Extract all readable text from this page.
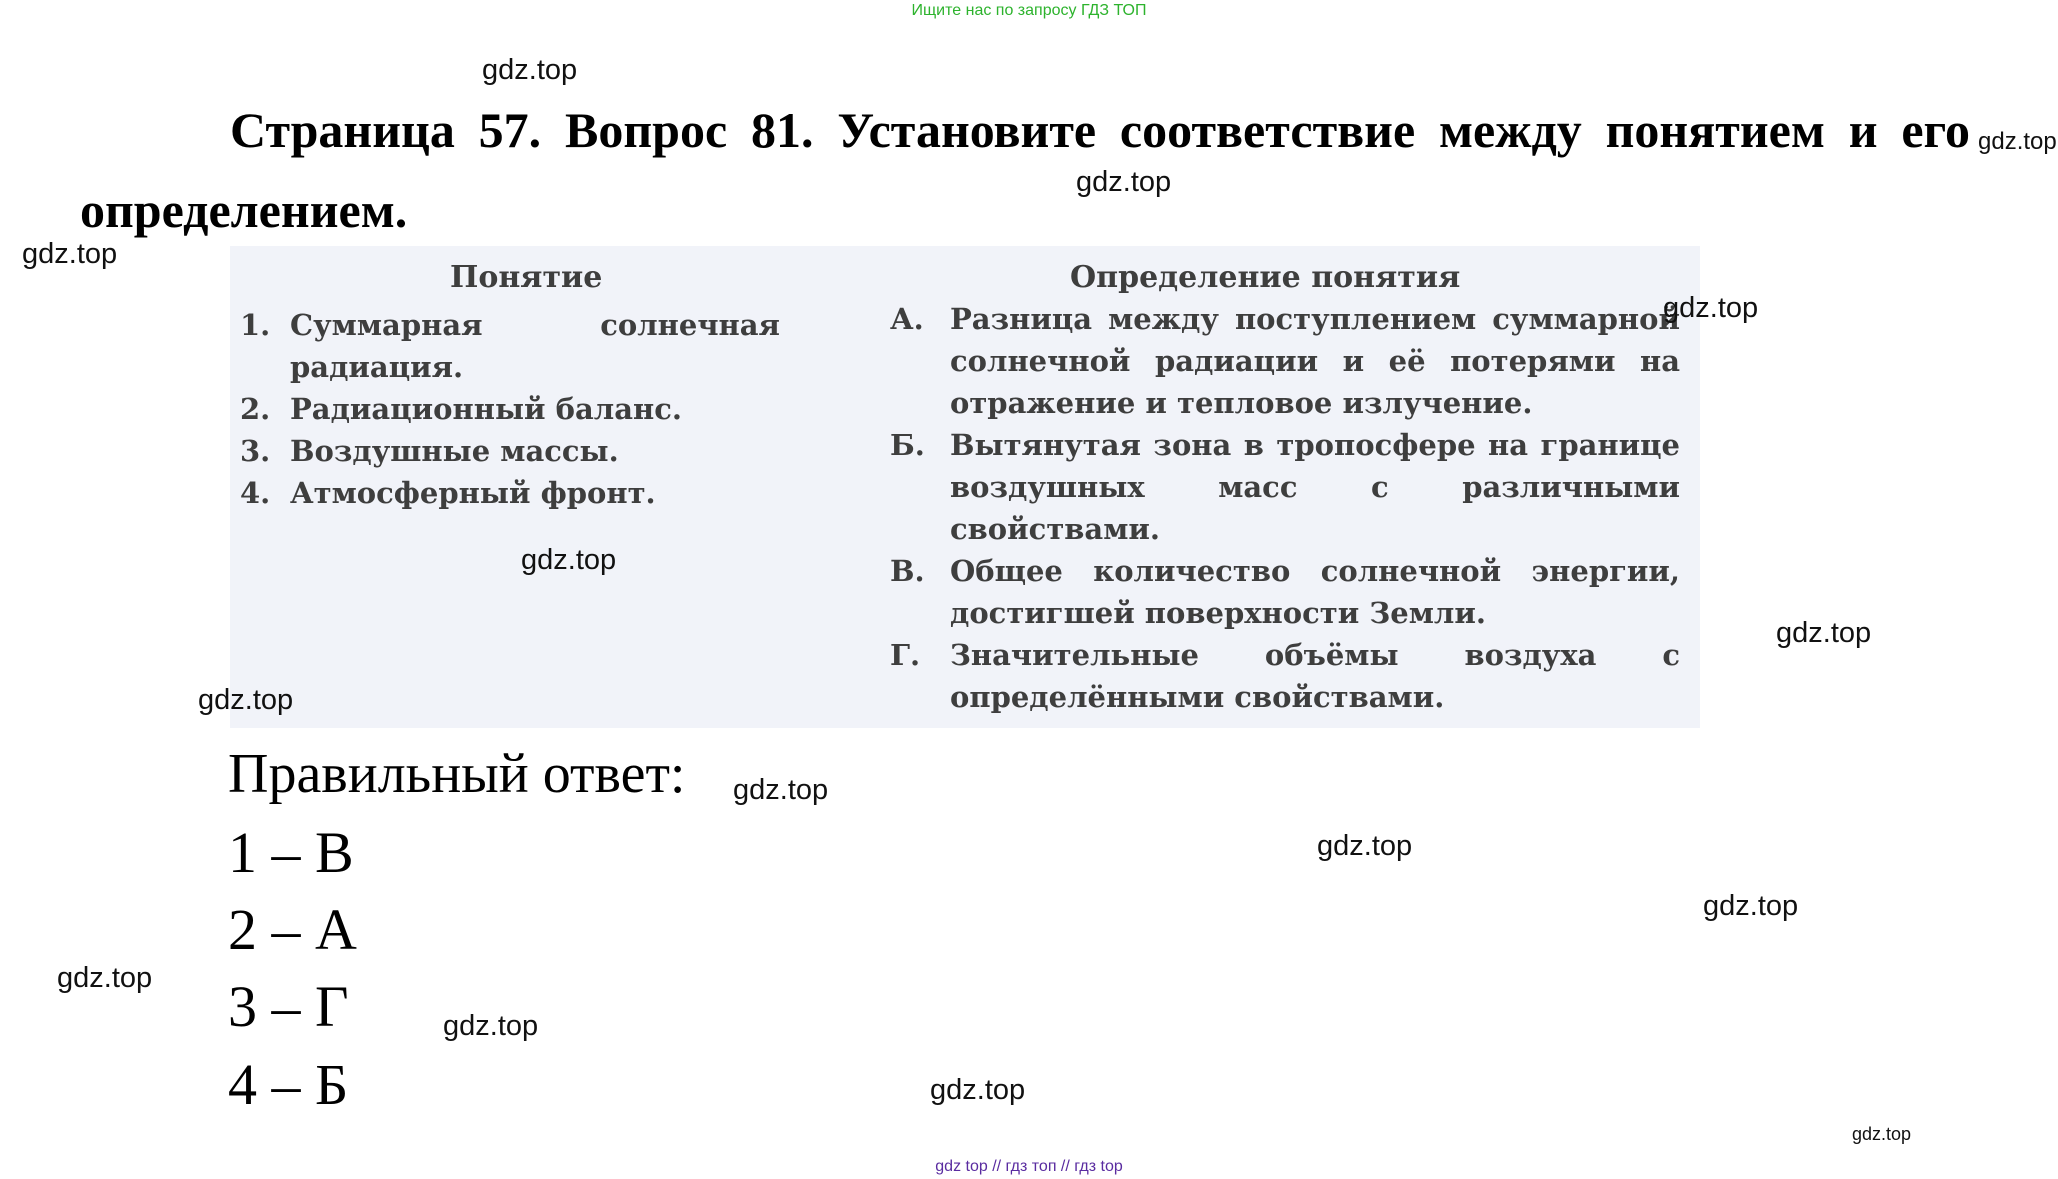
Ищите нас по запросу ГДЗ ТОП
Страница 57. Вопрос 81. Установите соответствие между понятием и его определением.
Понятие	Определение понятия
1. Суммарная солнечная радиация.
2. Радиационный баланс.
3. Воздушные массы.
4. Атмосферный фронт.
А. Разница между поступлением суммарной солнечной радиации и её потерями на отражение и тепловое излучение.
Б. Вытянутая зона в тропосфере на границе воздушных масс с различными свойствами.
В. Общее количество солнечной энергии, достигшей поверхности Земли.
Г.	Значительные объёмы воздуха с определёнными свойствами.
Правильный ответ:
1 – В
2 – А
3 – Г
4 – Б
gdz.top
gdz.top
gdz.top
gdz.top
gdz.top
gdz.top
gdz.top
gdz.top
gdz.top
gdz.top
gdz.top
gdz.top
gdz.top
gdz.top
gdz.top
gdz top // гдз топ // гдз top
